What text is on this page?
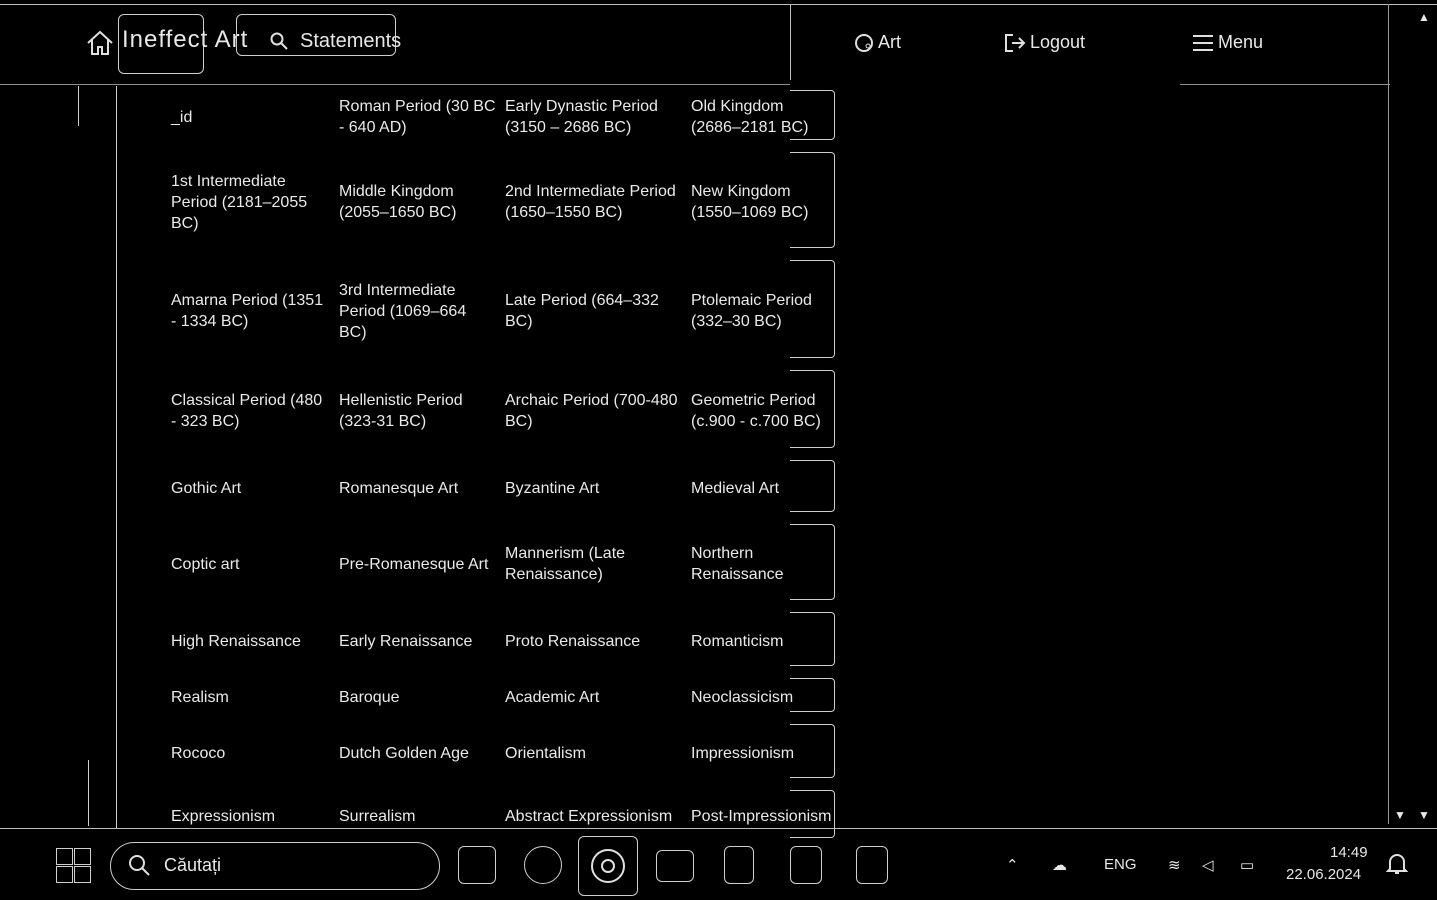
Ineffect Art	Statements	Art	Logout	Menu
▲
▼ ▼
_id	Roman Period (30 BC - 640 AD)	Early Dynastic Period (3150 – 2686 BC)	Old Kingdom (2686–2181 BC)
1st Intermediate Period (2181–2055 BC)	Middle Kingdom (2055–1650 BC)	2nd Intermediate Period (1650–1550 BC)	New Kingdom (1550–1069 BC)
Amarna Period (1351 - 1334 BC)	3rd Intermediate Period (1069–664 BC)	Late Period (664–332 BC)	Ptolemaic Period (332–30 BC)
Classical Period (480 - 323 BC)	Hellenistic Period (323-31 BC)	Archaic Period (700-480 BC)	Geometric Period (c.900 - c.700 BC)
Gothic Art	Romanesque Art	Byzantine Art	Medieval Art
Coptic art	Pre-Romanesque Art	Mannerism (Late Renaissance)	Northern Renaissance
High Renaissance	Early Renaissance	Proto Renaissance	Romanticism
Realism	Baroque	Academic Art	Neoclassicism
Rococo	Dutch Golden Age	Orientalism	Impressionism
Expressionism	Surrealism	Abstract Expressionism	Post-Impressionism
Căutați	⌃ ☁ ENG ≋ ◁ ▭
14:49
22.06.2024
